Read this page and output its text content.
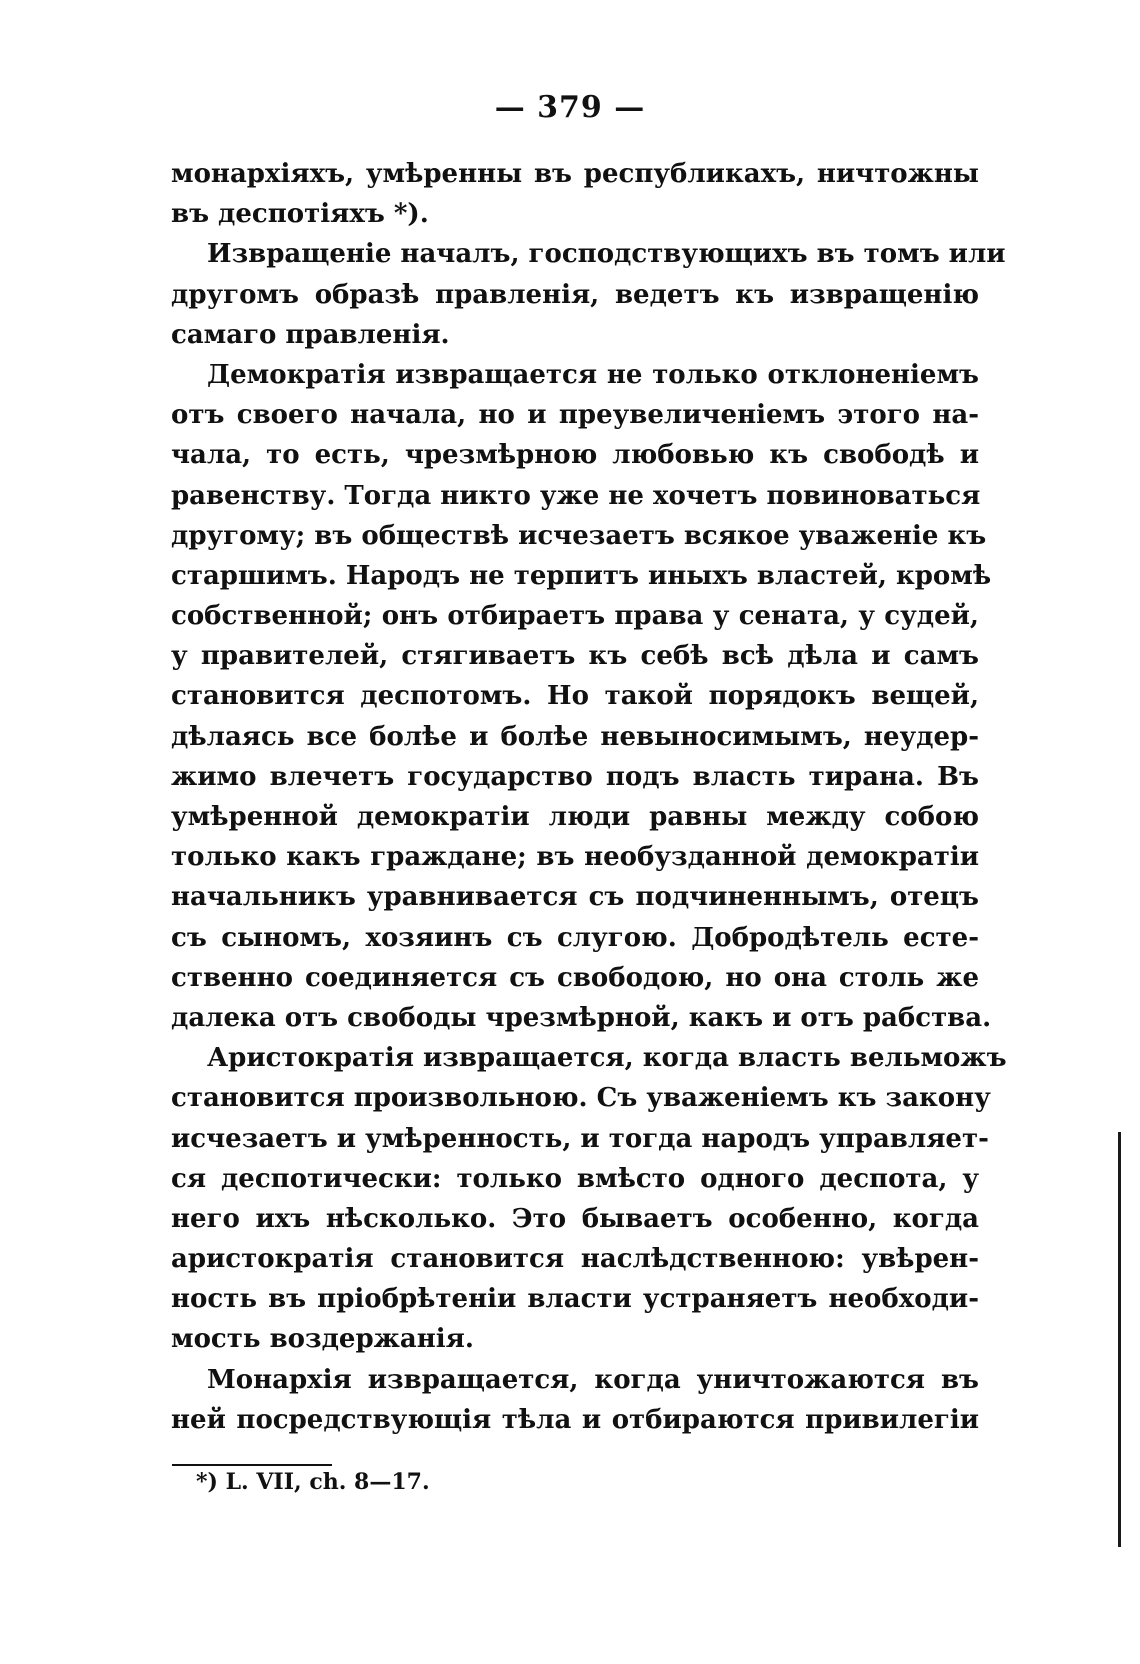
— 379 —
монархіяхъ, умѣренны въ республикахъ, ничтожны
въ деспотіяхъ *).
Извращеніе началъ, господствующихъ въ томъ или
другомъ образѣ правленія, ведетъ къ извращенію
самаго правленія.
Демократія извращается не только отклоненіемъ
отъ своего начала, но и преувеличеніемъ этого на-
чала, то есть, чрезмѣрною любовью къ свободѣ и
равенству. Тогда никто уже не хочетъ повиноваться
другому; въ обществѣ исчезаетъ всякое уваженіе къ
старшимъ. Народъ не терпитъ иныхъ властей, кромѣ
собственной; онъ отбираетъ права у сената, у судей,
у правителей, стягиваетъ къ себѣ всѣ дѣла и самъ
становится деспотомъ. Но такой порядокъ вещей,
дѣлаясь все болѣе и болѣе невыносимымъ, неудер-
жимо влечетъ государство подъ власть тирана. Въ
умѣренной демократіи люди равны между собою
только какъ граждане; въ необузданной демократіи
начальникъ уравнивается съ подчиненнымъ, отецъ
съ сыномъ, хозяинъ съ слугою. Добродѣтель есте-
ственно соединяется съ свободою, но она столь же
далека отъ свободы чрезмѣрной, какъ и отъ рабства.
Аристократія извращается, когда власть вельможъ
становится произвольною. Съ уваженіемъ къ закону
исчезаетъ и умѣренность, и тогда народъ управляет-
ся деспотически: только вмѣсто одного деспота, у
него ихъ нѣсколько. Это бываетъ особенно, когда
аристократія становится наслѣдственною: увѣрен-
ность въ пріобрѣтеніи власти устраняетъ необходи-
мость воздержанія.
Монархія извращается, когда уничтожаются въ
ней посредствующія тѣла и отбираются привилегіи
*) L. VII, ch. 8—17.
